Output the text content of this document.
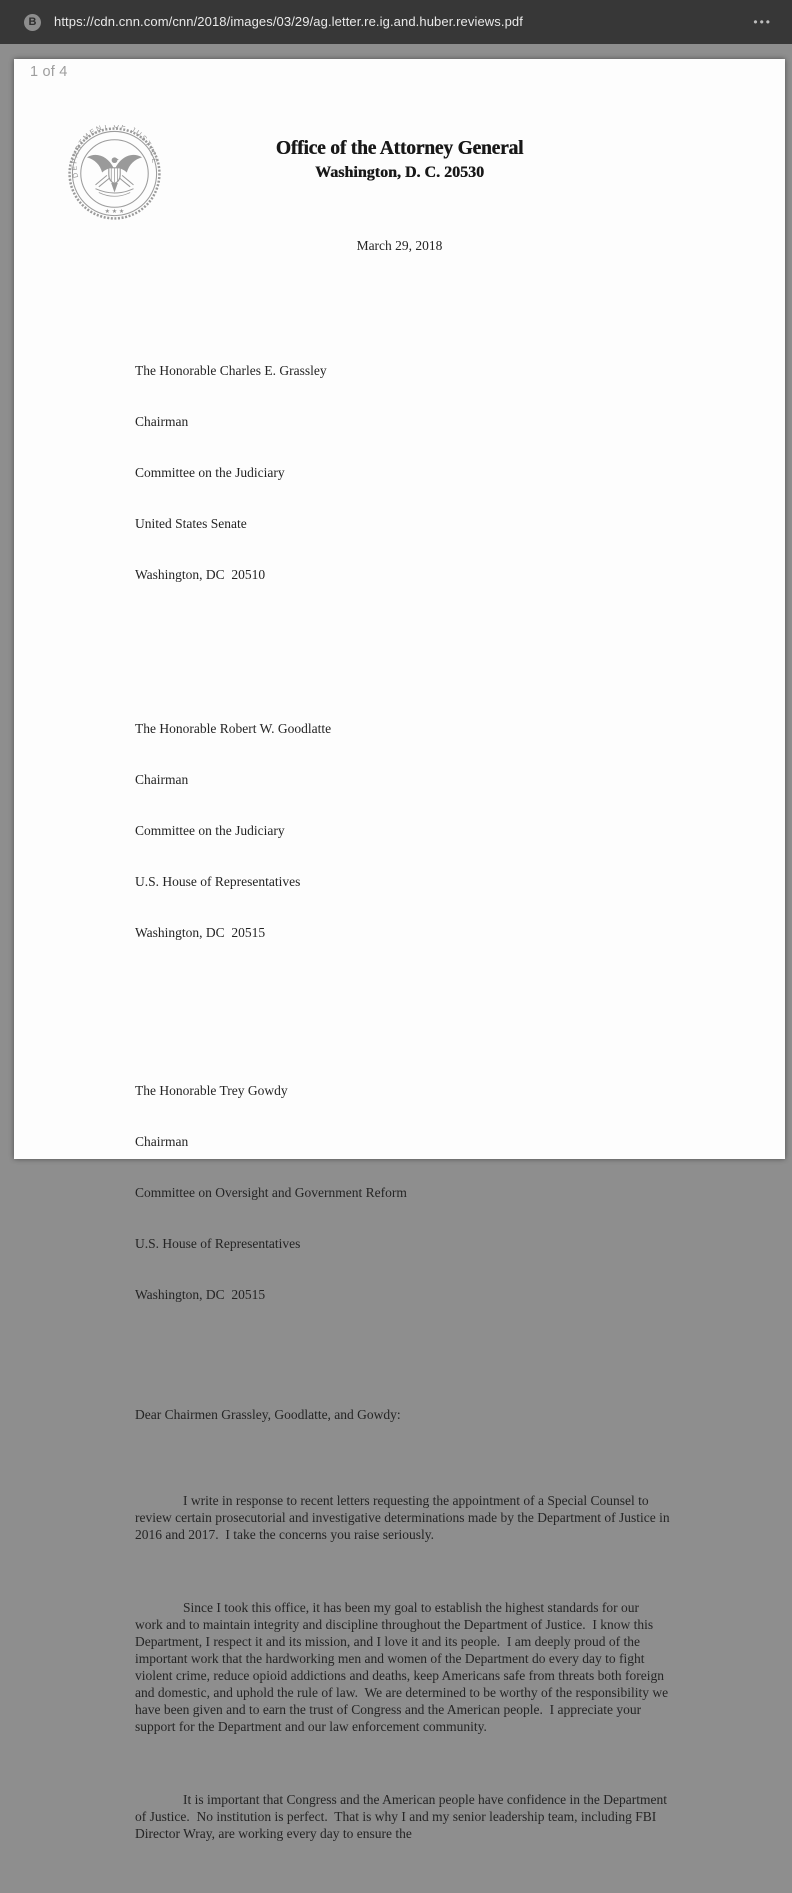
B	https://cdn.cnn.com/cnn/2018/images/03/29/ag.letter.re.ig.and.huber.reviews.pdf	•••
1 of 4
DEPARTMENT OF JUSTICE
★ ★ ★
Office of the Attorney General
Washington, D. C. 20530
March 29, 2018

The Honorable Charles E. Grassley

Chairman

Committee on the Judiciary

United States Senate

Washington, DC  20510

The Honorable Robert W. Goodlatte

Chairman

Committee on the Judiciary

U.S. House of Representatives

Washington, DC  20515

The Honorable Trey Gowdy

Chairman

Committee on Oversight and Government Reform

U.S. House of Representatives

Washington, DC  20515

Dear Chairmen Grassley, Goodlatte, and Gowdy:

I write in response to recent letters requesting the appointment of a Special Counsel to review certain prosecutorial and investigative determinations made by the Department of Justice in 2016 and 2017.  I take the concerns you raise seriously.

Since I took this office, it has been my goal to establish the highest standards for our work and to maintain integrity and discipline throughout the Department of Justice.  I know this Department, I respect it and its mission, and I love it and its people.  I am deeply proud of the important work that the hardworking men and women of the Department do every day to fight violent crime, reduce opioid addictions and deaths, keep Americans safe from threats both foreign and domestic, and uphold the rule of law.  We are determined to be worthy of the responsibility we have been given and to earn the trust of Congress and the American people.  I appreciate your support for the Department and our law enforcement community.

It is important that Congress and the American people have confidence in the Department of Justice.  No institution is perfect.  That is why I and my senior leadership team, including FBI Director Wray, are working every day to ensure the
